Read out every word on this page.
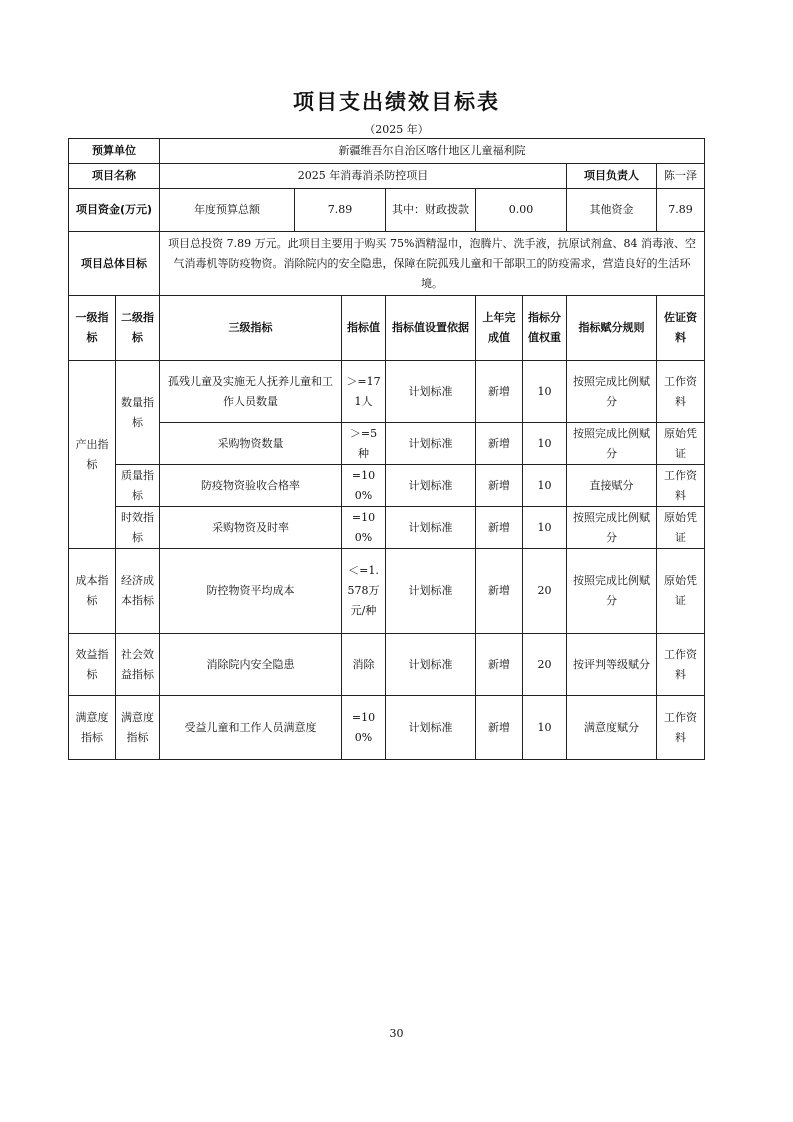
项目支出绩效目标表
（2025 年）
预算单位		新疆维吾尔自治区喀什地区儿童福利院							
项目名称		2025 年消毒消杀防控项目						项目负责人	陈一泽
项目资金(万元)		年度预算总额	7.89		其中：财政拨款	0.00		其他资金	7.89
项目总体目标		项目总投资 7.89 万元。此项目主要用于购买 75%酒精湿巾，泡腾片、洗手液，抗原试剂盒、84 消毒液、空气消毒机等防疫物资。消除院内的安全隐患，保障在院孤残儿童和干部职工的防疫需求，营造良好的生活环境。							
一级指标	二级指标	三级指标		指标值	指标值设置依据	上年完成值	指标分值权重	指标赋分规则	佐证资料
产出指标	数量指标	孤残儿童及实施无人抚养儿童和工作人员数量		＞=171人	计划标准	新增	10	按照完成比例赋分	工作资料
		采购物资数量		＞=5种	计划标准	新增	10	按照完成比例赋分	原始凭证
	质量指标	防疫物资验收合格率		=100%	计划标准	新增	10	直接赋分	工作资料
	时效指标	采购物资及时率		=100%	计划标准	新增	10	按照完成比例赋分	原始凭证
成本指标	经济成本指标	防控物资平均成本		＜=1.578万元/种	计划标准	新增	20	按照完成比例赋分	原始凭证
效益指标	社会效益指标	消除院内安全隐患		消除	计划标准	新增	20	按评判等级赋分	工作资料
满意度指标	满意度指标	受益儿童和工作人员满意度		=100%	计划标准	新增	10	满意度赋分	工作资料
30
